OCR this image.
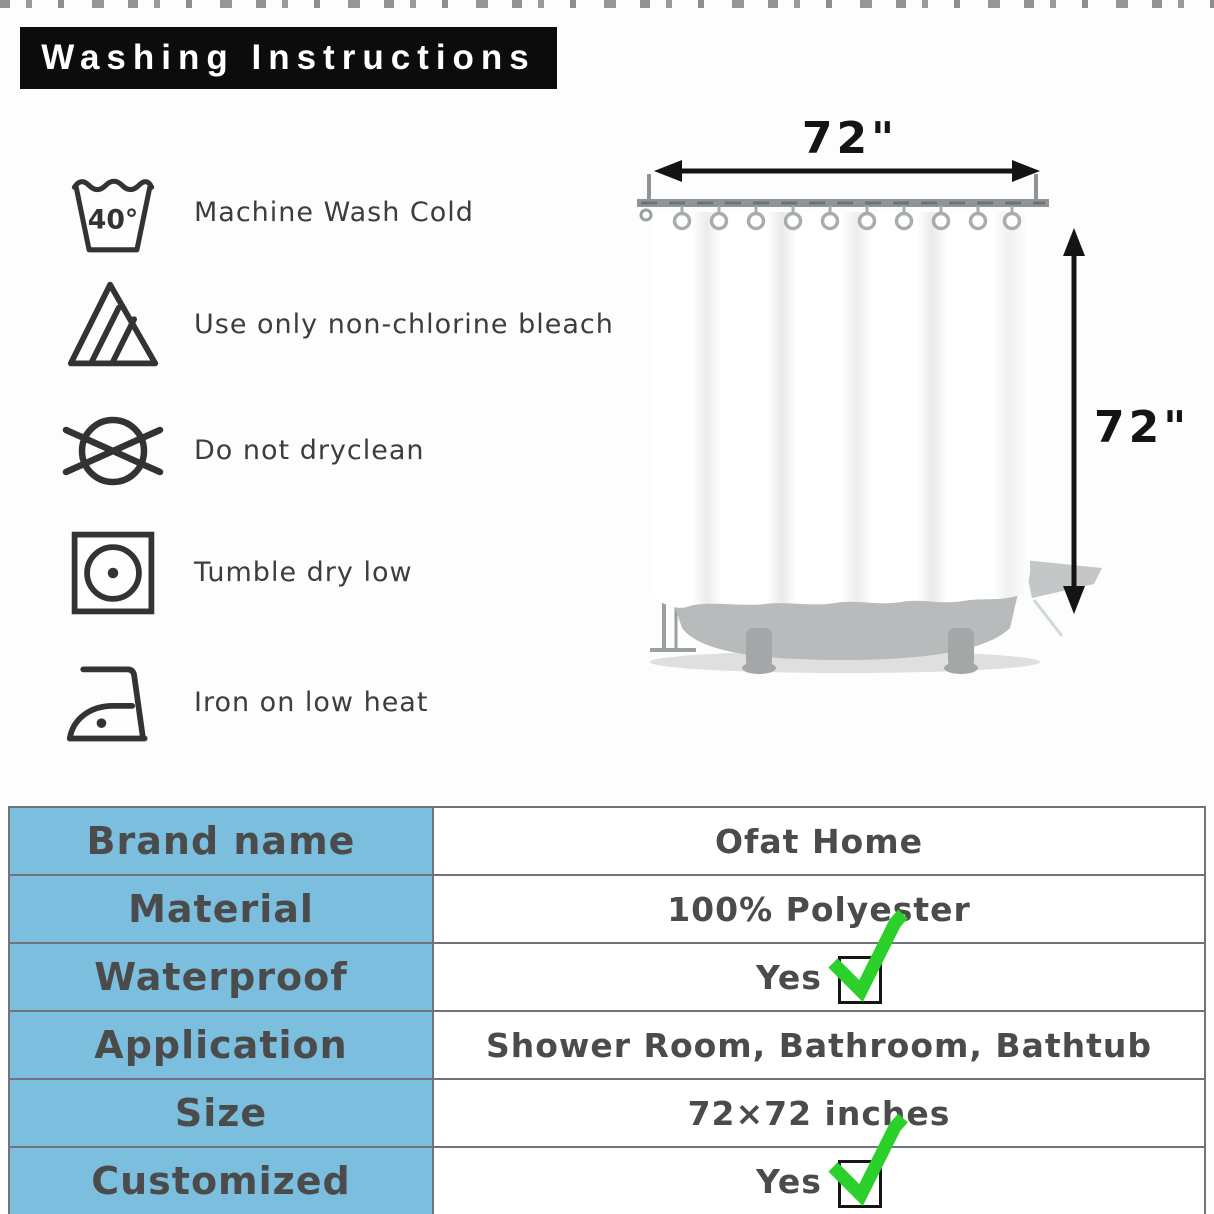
Washing Instructions
40° Machine Wash Cold
Use only non-chlorine bleach
Do not dryclean
Tumble dry low
Iron on low heat
72"
72"
Brand name	Ofat Home
Material	100% Polyester
Waterproof	Yes

Application	Shower Room, Bathroom, Bathtub
Size	72×72 inches
Customized	Yes
